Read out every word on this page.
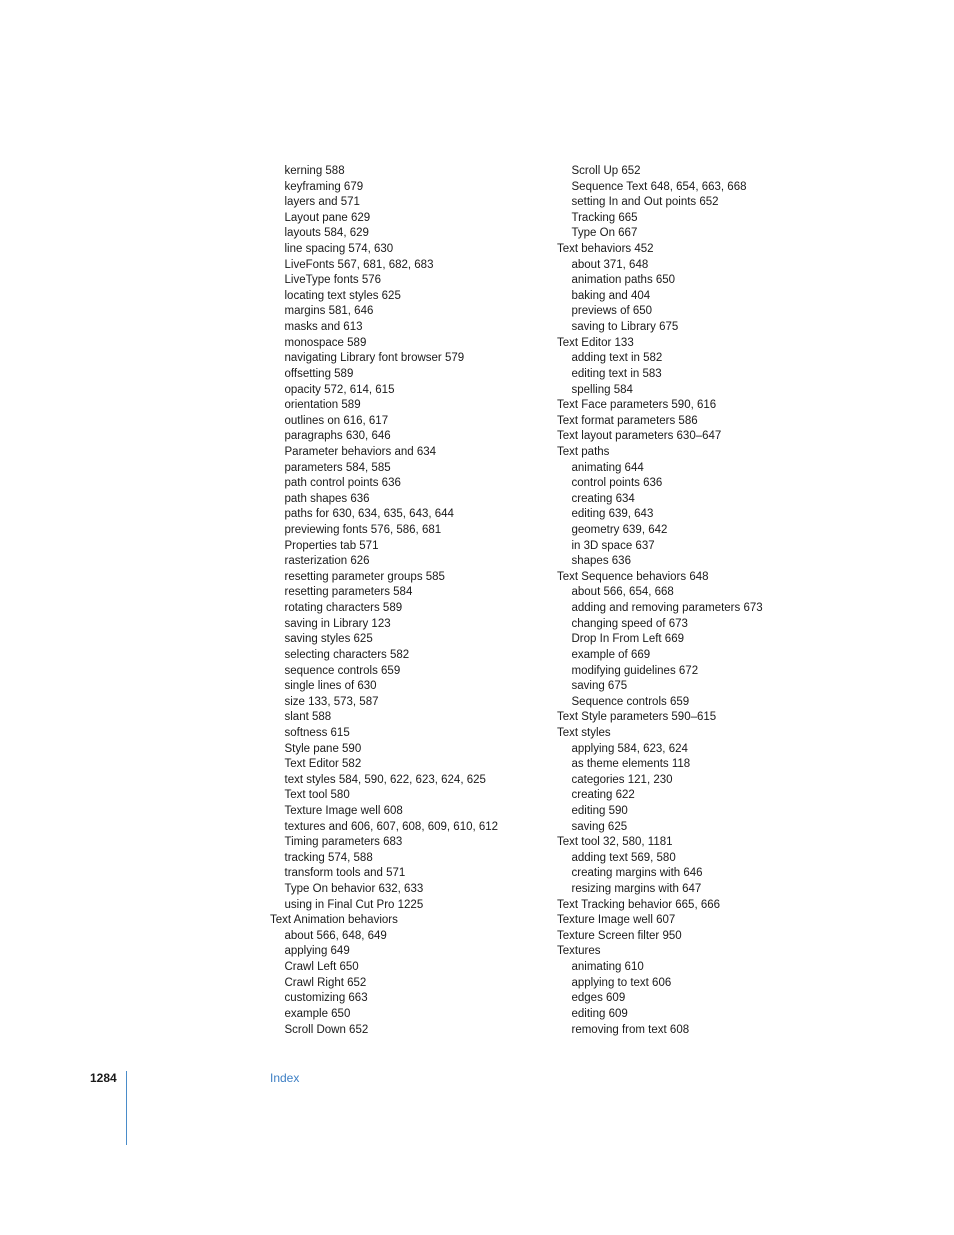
kerning 588
keyframing 679
layers and 571
Layout pane 629
layouts 584, 629
line spacing 574, 630
LiveFonts 567, 681, 682, 683
LiveType fonts 576
locating text styles 625
margins 581, 646
masks and 613
monospace 589
navigating Library font browser 579
offsetting 589
opacity 572, 614, 615
orientation 589
outlines on 616, 617
paragraphs 630, 646
Parameter behaviors and 634
parameters 584, 585
path control points 636
path shapes 636
paths for 630, 634, 635, 643, 644
previewing fonts 576, 586, 681
Properties tab 571
rasterization 626
resetting parameter groups 585
resetting parameters 584
rotating characters 589
saving in Library 123
saving styles 625
selecting characters 582
sequence controls 659
single lines of 630
size 133, 573, 587
slant 588
softness 615
Style pane 590
Text Editor 582
text styles 584, 590, 622, 623, 624, 625
Text tool 580
Texture Image well 608
textures and 606, 607, 608, 609, 610, 612
Timing parameters 683
tracking 574, 588
transform tools and 571
Type On behavior 632, 633
using in Final Cut Pro 1225
Text Animation behaviors
about 566, 648, 649
applying 649
Crawl Left 650
Crawl Right 652
customizing 663
example 650
Scroll Down 652
Scroll Up 652
Sequence Text 648, 654, 663, 668
setting In and Out points 652
Tracking 665
Type On 667
Text behaviors 452
about 371, 648
animation paths 650
baking and 404
previews of 650
saving to Library 675
Text Editor 133
adding text in 582
editing text in 583
spelling 584
Text Face parameters 590, 616
Text format parameters 586
Text layout parameters 630–647
Text paths
animating 644
control points 636
creating 634
editing 639, 643
geometry 639, 642
in 3D space 637
shapes 636
Text Sequence behaviors 648
about 566, 654, 668
adding and removing parameters 673
changing speed of 673
Drop In From Left 669
example of 669
modifying guidelines 672
saving 675
Sequence controls 659
Text Style parameters 590–615
Text styles
applying 584, 623, 624
as theme elements 118
categories 121, 230
creating 622
editing 590
saving 625
Text tool 32, 580, 1181
adding text 569, 580
creating margins with 646
resizing margins with 647
Text Tracking behavior 665, 666
Texture Image well 607
Texture Screen filter 950
Textures
animating 610
applying to text 606
edges 609
editing 609
removing from text 608
1284	Index
